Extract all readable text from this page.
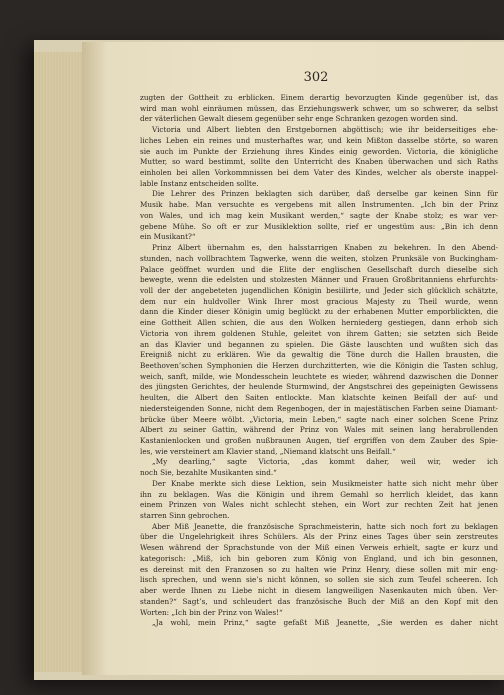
302
zugten der Gottheit zu erblicken. Einem derartig bevorzugten Kinde gegenüber ist, das
wird man wohl einräumen müssen, das Erziehungswerk schwer, um so schwerer, da selbst
der väterlichen Gewalt diesem gegenüber sehr enge Schranken gezogen worden sind.
Victoria und Albert liebten den Erstgebornen abgöttisch; wie ihr beiderseitiges ehe-
liches Leben ein reines und musterhaftes war, und kein Mißton dasselbe störte, so waren
sie auch im Punkte der Erziehung ihres Kindes einig geworden. Victoria, die königliche
Mutter, so ward bestimmt, sollte den Unterricht des Knaben überwachen und sich Raths
einholen bei allen Vorkommnissen bei dem Vater des Kindes, welcher als oberste inappel-
lable Instanz entscheiden sollte.
Die Lehrer des Prinzen beklagten sich darüber, daß derselbe gar keinen Sinn für
Musik habe. Man versuchte es vergebens mit allen Instrumenten. „Ich bin der Prinz
von Wales, und ich mag kein Musikant werden,“ sagte der Knabe stolz; es war ver-
gebene Mühe. So oft er zur Musiklektion sollte, rief er ungestüm aus: „Bin ich denn
ein Musikant?“
Prinz Albert übernahm es, den halsstarrigen Knaben zu bekehren. In den Abend-
stunden, nach vollbrachtem Tagwerke, wenn die weiten, stolzen Prunksäle von Buckingham-
Palace geöffnet wurden und die Elite der englischen Gesellschaft durch dieselbe sich
bewegte, wenn die edelsten und stolzesten Männer und Frauen Großbritanniens ehrfurchts-
voll der der angebeteten jugendlichen Königin besiilirte, und Jeder sich glücklich schätzte,
dem nur ein huldvoller Wink Ihrer most gracious Majesty zu Theil wurde, wenn
dann die Kinder dieser Königin umig beglückt zu der erhabenen Mutter emporblickten, die
eine Gottheit Allen schien, die aus den Wolken herniederg gestiegen, dann erhob sich
Victoria von ihrem goldenen Stuhle, geleitet von ihrem Gatten; sie setzten sich Beide
an das Klavier und begannen zu spielen. Die Gäste lauschten und wußten sich das
Ereigniß nicht zu erklären. Wie da gewaltig die Töne durch die Hallen brausten, die
Beethoven’schen Symphonien die Herzen durchzitterten, wie die Königin die Tasten schlug,
weich, sanft, milde, wie Mondesschein leuchtete es wieder, während dazwischen die Donner
des jüngsten Gerichtes, der heulende Sturmwind, der Angstschrei des gepeinigten Gewissens
heulten, die Albert den Saiten entlockte. Man klatschte keinen Beifall der auf- und
niedersteigenden Sonne, nicht dem Regenbogen, der in majestätischen Farben seine Diamant-
brücke über Meere wölbt. „Victoria, mein Leben,“ sagte nach einer solchen Scene Prinz
Albert zu seiner Gattin, während der Prinz von Wales mit seinen lang herabrollenden
Kastanienlocken und großen nußbraunen Augen, tief ergriffen von dem Zauber des Spie-
les, wie versteinert am Klavier stand, „Niemand klatscht uns Beifall.“
„My dearling,“ sagte Victoria, „das kommt daher, weil wir, weder ich
noch Sie, bezahlte Musikanten sind.“
Der Knabe merkte sich diese Lektion, sein Musikmeister hatte sich nicht mehr über
ihn zu beklagen. Was die Königin und ihrem Gemahl so herrlich kleidet, das kann
einem Prinzen von Wales nicht schlecht stehen, ein Wort zur rechten Zeit hat jenen
starren Sinn gebrochen.
Aber Miß Jeanette, die französische Sprachmeisterin, hatte sich noch fort zu beklagen
über die Ungelehrigkeit ihres Schülers. Als der Prinz eines Tages über sein zerstreutes
Wesen während der Sprachstunde von der Miß einen Verweis erhielt, sagte er kurz und
kategorisch: „Miß, ich bin geboren zum König von England, und ich bin gesonnen,
es dereinst mit den Franzosen so zu halten wie Prinz Henry, diese sollen mit mir eng-
lisch sprechen, und wenn sie’s nicht können, so sollen sie sich zum Teufel scheeren. Ich
aber werde Ihnen zu Liebe nicht in diesem langweiligen Nasenkauten mich üben. Ver-
standen?“ Sagt’s, und schleudert das französische Buch der Miß an den Kopf mit den
Worten: „Ich bin der Prinz von Wales!“
„Ja wohl, mein Prinz,“ sagte gefaßt Miß Jeanette, „Sie werden es daher nicht
